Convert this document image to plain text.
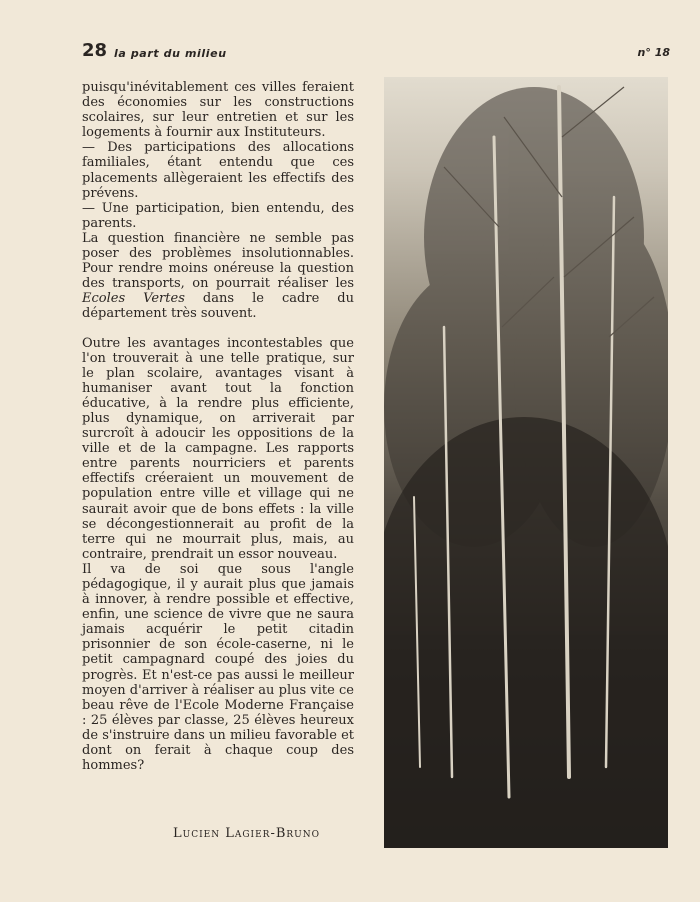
28 la part du milieu	n° 18

puisqu'inévitablement ces villes feraient des économies sur les constructions scolaires, sur leur entretien et sur les logements à fournir aux Instituteurs.

— Des participations des allocations familiales, étant entendu que ces placements allègeraient les effectifs des prévens.

— Une participation, bien entendu, des parents.

La question financière ne semble pas poser des problèmes insolutionnables. Pour rendre moins onéreuse la question des transports, on pourrait réaliser les Ecoles Vertes dans le cadre du département très souvent.

Outre les avantages incontestables que l'on trouverait à une telle pratique, sur le plan scolaire, avantages visant à humaniser avant tout la fonction éducative, à la rendre plus efficiente, plus dynamique, on arriverait par surcroît à adoucir les oppositions de la ville et de la campagne. Les rapports entre parents nourriciers et parents effectifs créeraient un mouvement de population entre ville et village qui ne saurait avoir que de bons effets : la ville se décongestionnerait au profit de la terre qui ne mourrait plus, mais, au contraire, prendrait un essor nouveau.

Il va de soi que sous l'angle pédagogique, il y aurait plus que jamais à innover, à rendre possible et effective, enfin, une science de vivre que ne saura jamais acquérir le petit citadin prisonnier de son école-caserne, ni le petit campagnard coupé des joies du progrès. Et n'est-ce pas aussi le meilleur moyen d'arriver à réaliser au plus vite ce beau rêve de l'Ecole Moderne Française : 25 élèves par classe, 25 élèves heureux de s'instruire dans un milieu favorable et dont on ferait à chaque coup des hommes?

Lucien Lagier-Bruno
